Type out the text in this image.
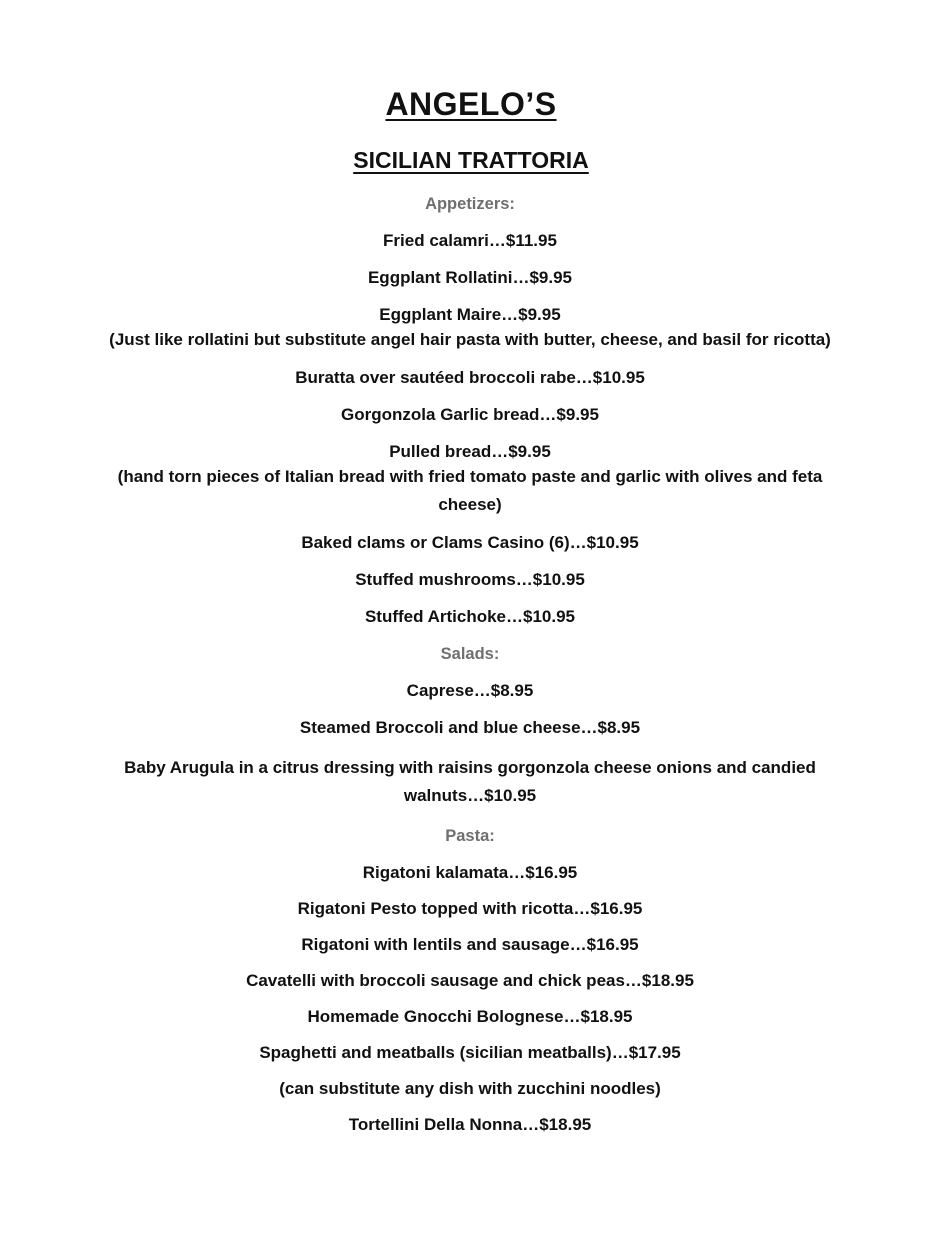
ANGELO’S
SICILIAN TRATTORIA
Appetizers:
Fried calamri…$11.95
Eggplant Rollatini…$9.95
Eggplant Maire…$9.95
(Just like rollatini but substitute angel hair pasta with butter, cheese, and basil for ricotta)
Buratta over sautéed broccoli rabe…$10.95
Gorgonzola Garlic bread…$9.95
Pulled bread…$9.95
(hand torn pieces of Italian bread with fried tomato paste and garlic with olives and feta cheese)
Baked clams or Clams Casino (6)…$10.95
Stuffed mushrooms…$10.95
Stuffed Artichoke…$10.95
Salads:
Caprese…$8.95
Steamed Broccoli and blue cheese…$8.95
Baby Arugula in a citrus dressing with raisins gorgonzola cheese onions and candied walnuts…$10.95
Pasta:
Rigatoni kalamata…$16.95
Rigatoni Pesto topped with ricotta…$16.95
Rigatoni with lentils and sausage…$16.95
Cavatelli with broccoli sausage and chick peas…$18.95
Homemade Gnocchi Bolognese…$18.95
Spaghetti and meatballs (sicilian meatballs)…$17.95
(can substitute any dish with zucchini noodles)
Tortellini Della Nonna…$18.95
